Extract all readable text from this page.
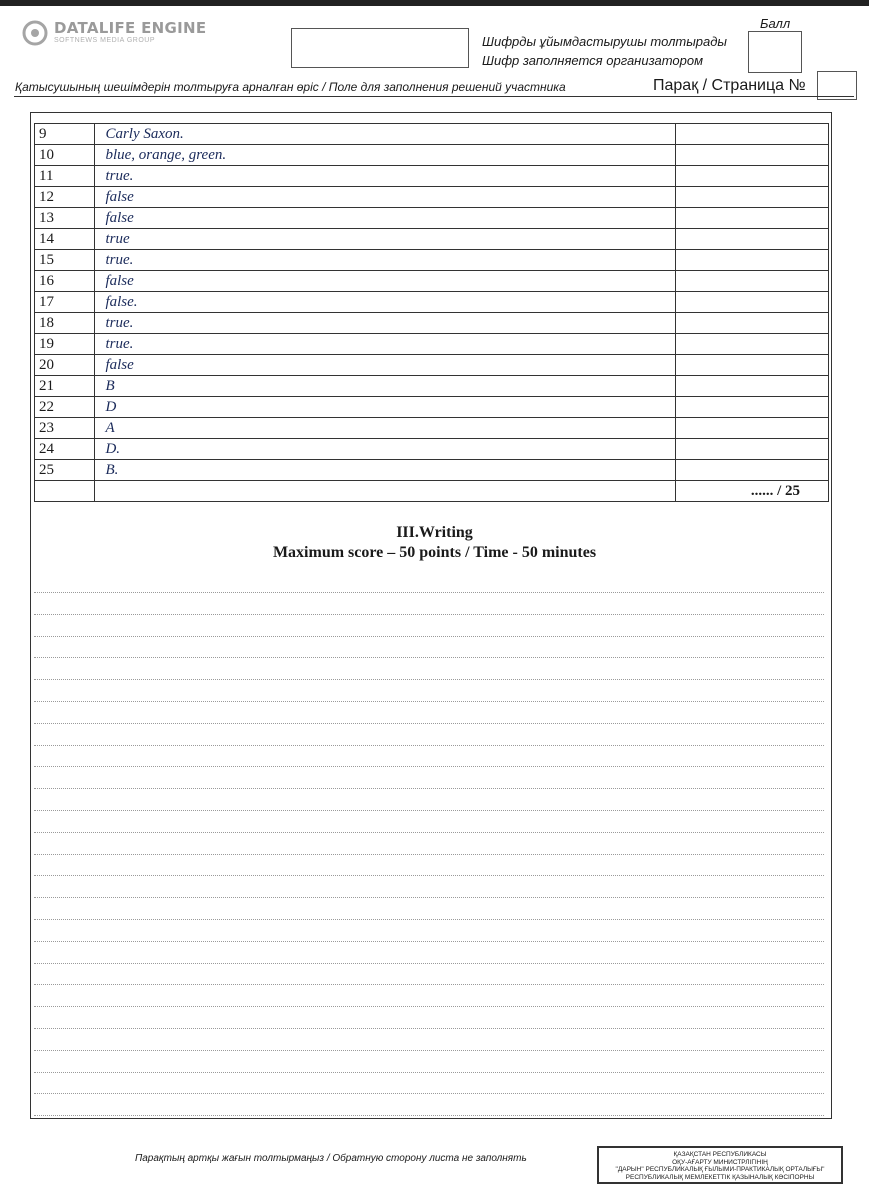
DATALIFE ENGINE
SOFTNEWS MEDIA GROUP	Шифрды ұйымдастырушы толтырады
Шифр заполняется организатором
Балл
Қатысушының шешімдерін толтыруға арналған өріс / Поле для заполнения решений участника	Парақ / Страница №
9	Carly Saxon.	
10	blue, orange, green.	
11	true.	
12	false	
13	false	
14	true	
15	true.	
16	false	
17	false.	
18	true.	
19	true.	
20	false	
21	B	
22	D	
23	A	
24	D.	
25	B.	
		...... / 25
III.Writing
Maximum score – 50 points / Time - 50 minutes
Парақтың артқы жағын толтырмаңыз / Обратную сторону листа не заполнять	ҚАЗАҚСТАН РЕСПУБЛИКАСЫ
ОҚУ-АҒАРТУ МИНИСТРЛІГІНІҢ
"ДАРЫН" РЕСПУБЛИКАЛЫҚ ҒЫЛЫМИ-ПРАКТИКАЛЫҚ ОРТАЛЫҒЫ"
РЕСПУБЛИКАЛЫҚ МЕМЛЕКЕТТІК ҚАЗЫНАЛЫҚ КӘСІПОРНЫ
